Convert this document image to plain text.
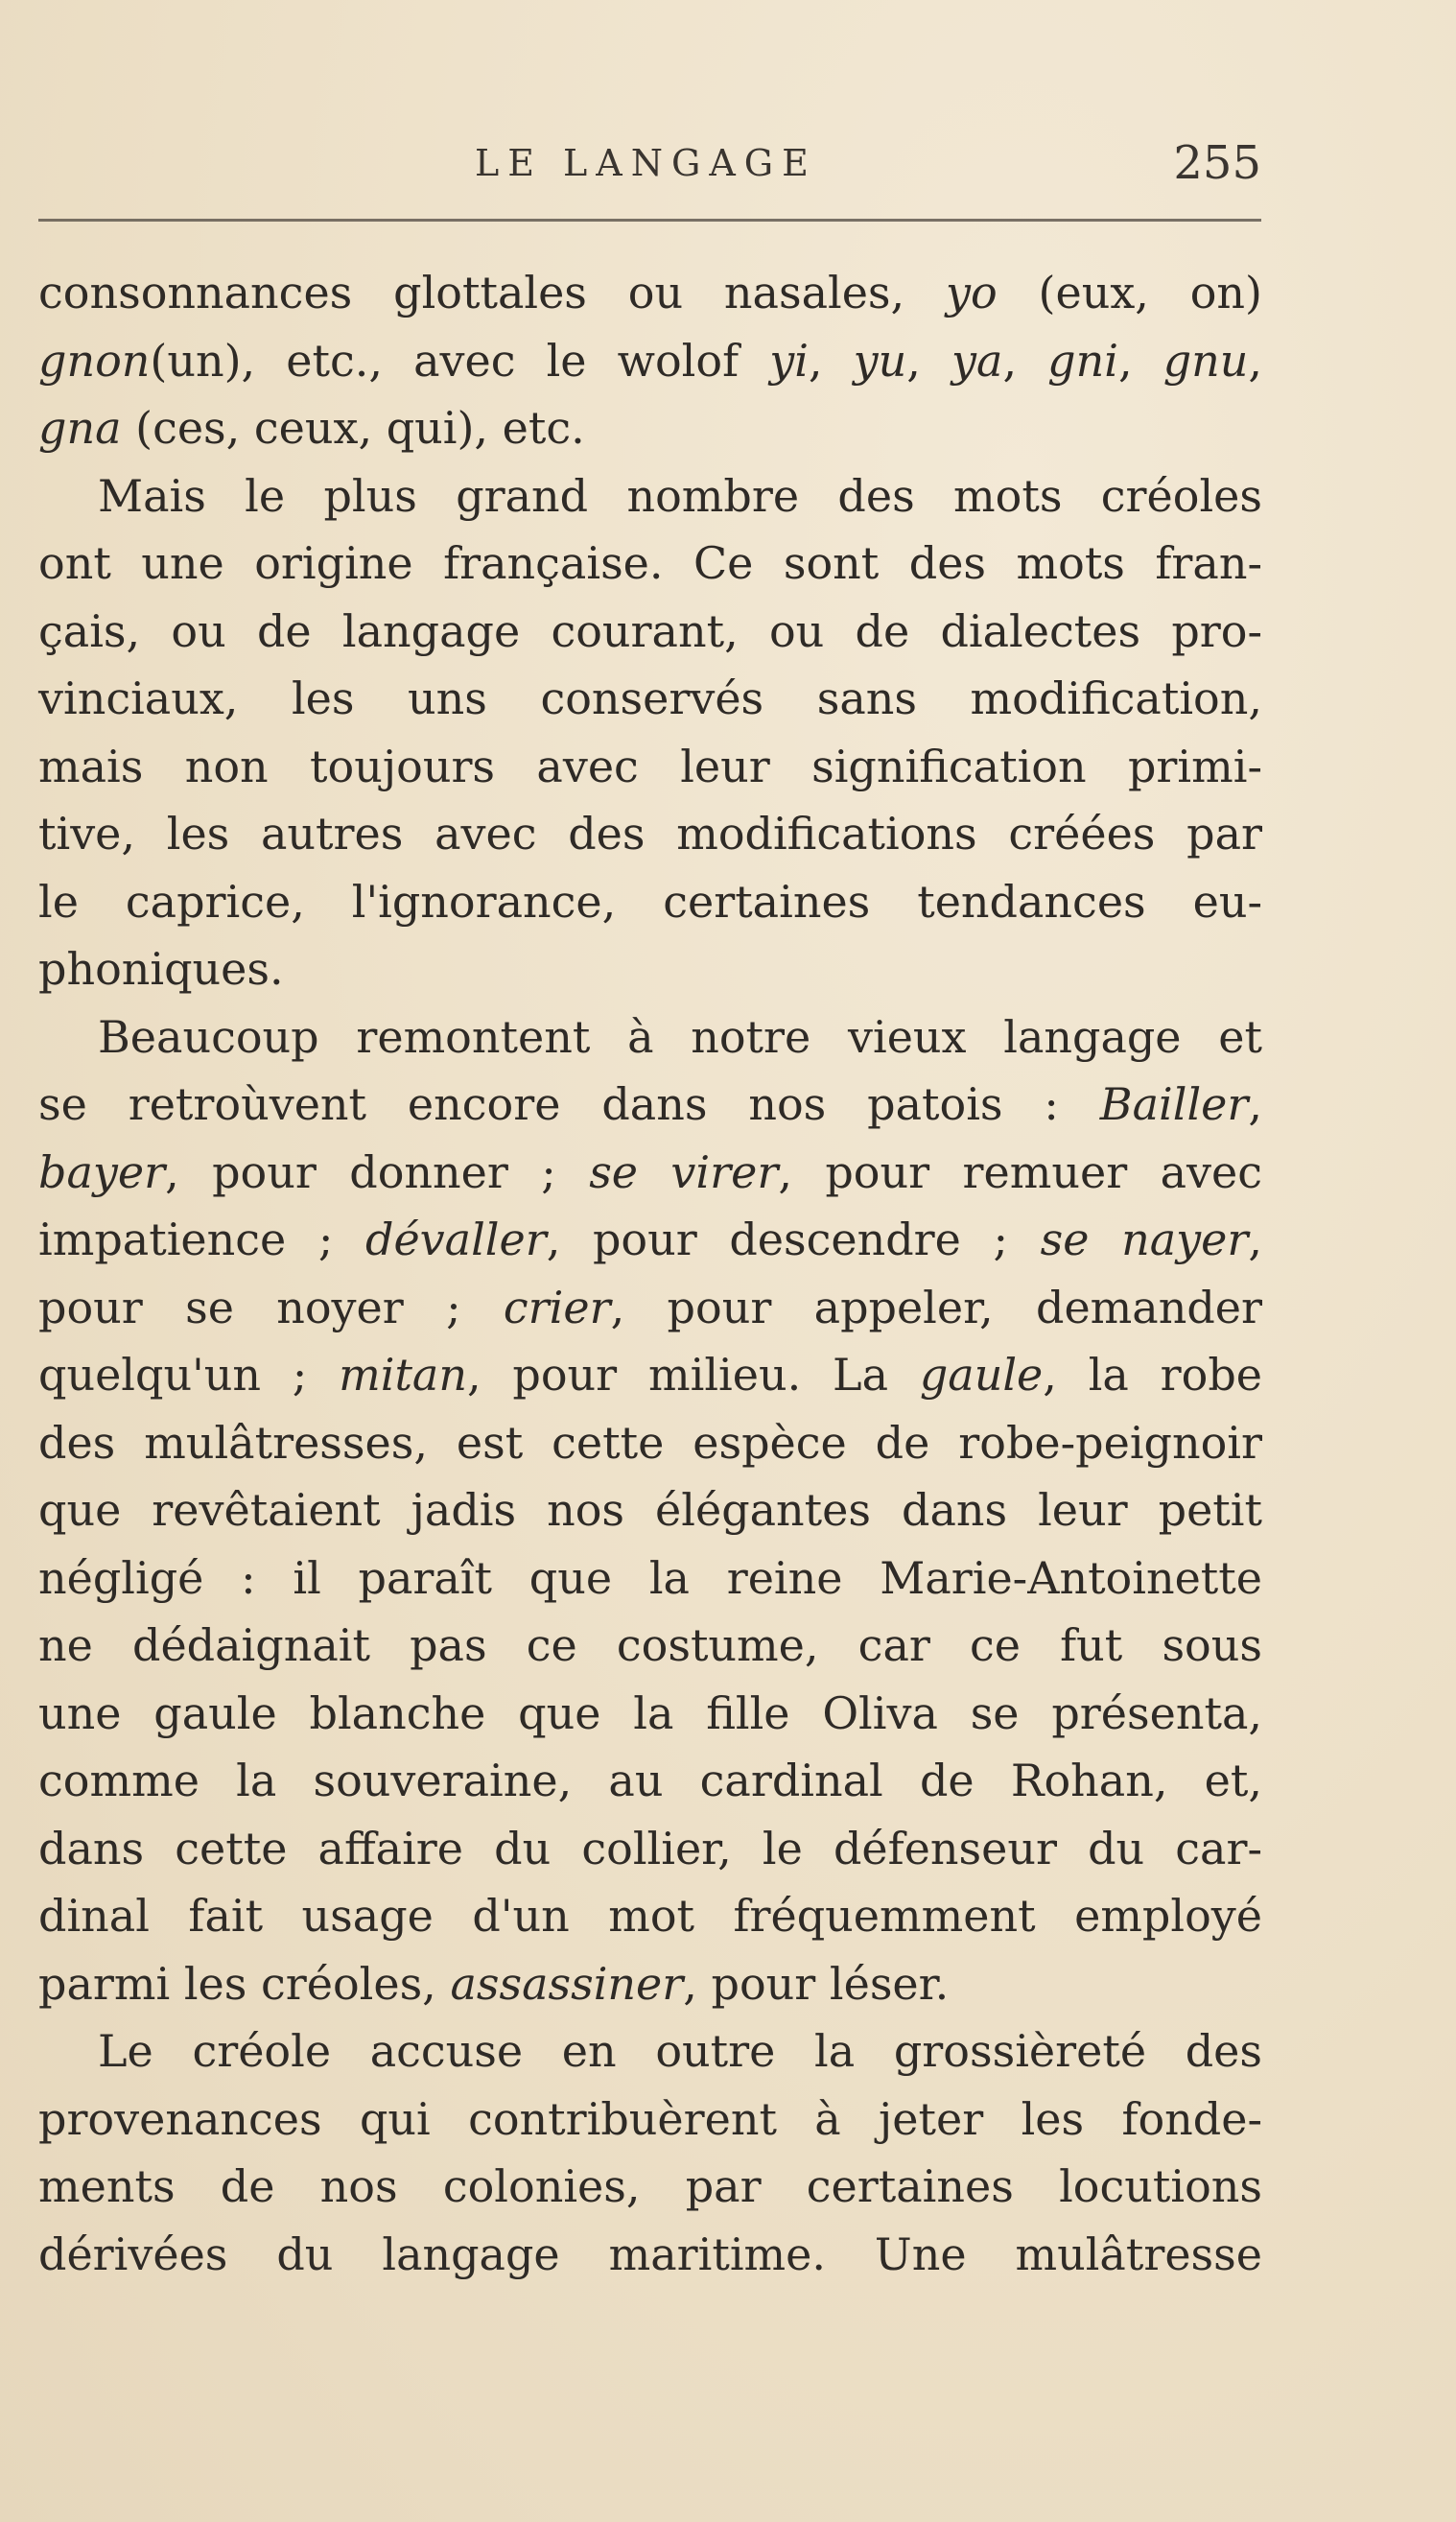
LE LANGAGE	255
consonnances glottales ou nasales, yo (eux, on)
gnon(un), etc., avec le wolof yi, yu, ya, gni, gnu,
gna (ces, ceux, qui), etc.
Mais le plus grand nombre des mots créoles
ont une origine française. Ce sont des mots fran-
çais, ou de langage courant, ou de dialectes pro-
vinciaux, les uns conservés sans modification,
mais non toujours avec leur signification primi-
tive, les autres avec des modifications créées par
le caprice, l'ignorance, certaines tendances eu-
phoniques.
Beaucoup remontent à notre vieux langage et
se retroùvent encore dans nos patois : Bailler,
bayer, pour donner ; se virer, pour remuer avec
impatience ; dévaller, pour descendre ; se nayer,
pour se noyer ; crier, pour appeler, demander
quelqu'un ; mitan, pour milieu. La gaule, la robe
des mulâtresses, est cette espèce de robe-peignoir
que revêtaient jadis nos élégantes dans leur petit
négligé : il paraît que la reine Marie-Antoinette
ne dédaignait pas ce costume, car ce fut sous
une gaule blanche que la fille Oliva se présenta,
comme la souveraine, au cardinal de Rohan, et,
dans cette affaire du collier, le défenseur du car-
dinal fait usage d'un mot fréquemment employé
parmi les créoles, assassiner, pour léser.
Le créole accuse en outre la grossièreté des
provenances qui contribuèrent à jeter les fonde-
ments de nos colonies, par certaines locutions
dérivées du langage maritime. Une mulâtresse
